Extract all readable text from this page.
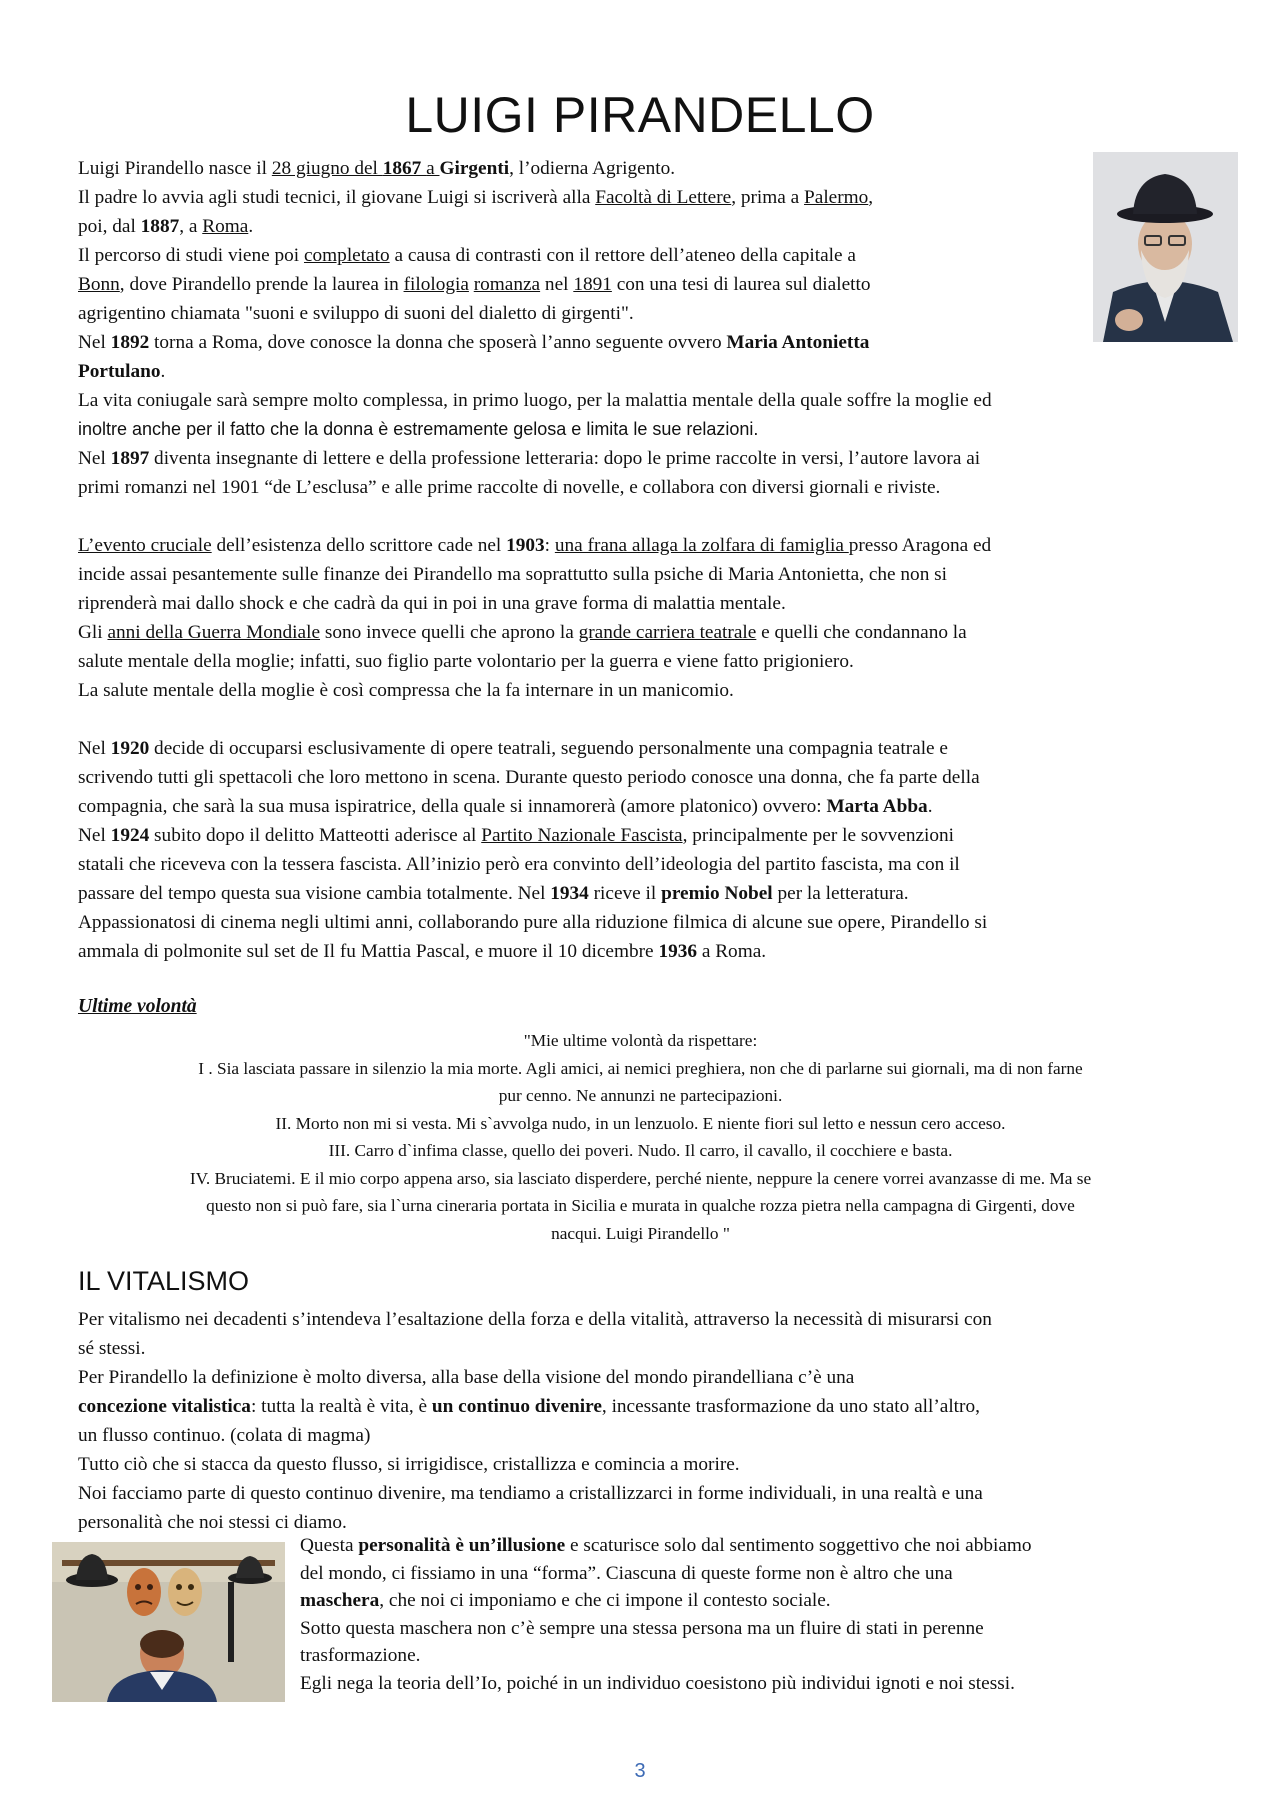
LUIGI PIRANDELLO

Luigi Pirandello nasce il 28 giugno del 1867 a Girgenti, l’odierna Agrigento.

Il padre lo avvia agli studi tecnici, il giovane Luigi si iscriverà alla Facoltà di Lettere, prima a Palermo,

poi, dal 1887, a Roma.

Il percorso di studi viene poi completato a causa di contrasti con il rettore dell’ateneo della capitale a

Bonn, dove Pirandello prende la laurea in filologia romanza nel 1891 con una tesi di laurea sul dialetto

agrigentino chiamata "suoni e sviluppo di suoni del dialetto di girgenti".

Nel 1892 torna a Roma, dove conosce la donna che sposerà l’anno seguente ovvero Maria Antonietta

Portulano.

La vita coniugale sarà sempre molto complessa, in primo luogo, per la malattia mentale della quale soffre la moglie ed

inoltre anche per il fatto che la donna è estremamente gelosa e limita le sue relazioni.

Nel 1897 diventa insegnante di lettere e della professione letteraria: dopo le prime raccolte in versi, l’autore lavora ai

primi romanzi nel 1901 “de L’esclusa” e alle prime raccolte di novelle, e collabora con diversi giornali e riviste.

L’evento cruciale dell’esistenza dello scrittore cade nel 1903: una frana allaga la zolfara di famiglia presso Aragona ed

incide assai pesantemente sulle finanze dei Pirandello ma soprattutto sulla psiche di Maria Antonietta, che non si

riprenderà mai dallo shock e che cadrà da qui in poi in una grave forma di malattia mentale.

Gli anni della Guerra Mondiale sono invece quelli che aprono la grande carriera teatrale e quelli che condannano la

salute mentale della moglie; infatti, suo figlio parte volontario per la guerra e viene fatto prigioniero.

La salute mentale della moglie è così compressa che la fa internare in un manicomio.

Nel 1920 decide di occuparsi esclusivamente di opere teatrali, seguendo personalmente una compagnia teatrale e

scrivendo tutti gli spettacoli che loro mettono in scena. Durante questo periodo conosce una donna, che fa parte della

compagnia, che sarà la sua musa ispiratrice, della quale si innamorerà (amore platonico) ovvero: Marta Abba.

Nel 1924 subito dopo il delitto Matteotti aderisce al Partito Nazionale Fascista, principalmente per le sovvenzioni

statali che riceveva con la tessera fascista. All’inizio però era convinto dell’ideologia del partito fascista, ma con il

passare del tempo questa sua visione cambia totalmente. Nel 1934 riceve il premio Nobel per la letteratura.

Appassionatosi di cinema negli ultimi anni, collaborando pure alla riduzione filmica di alcune sue opere, Pirandello si

ammala di polmonite sul set de Il fu Mattia Pascal, e muore il 10 dicembre 1936 a Roma.

Ultime volontà

"Mie ultime volontà da rispettare:

I . Sia lasciata passare in silenzio la mia morte. Agli amici, ai nemici preghiera, non che di parlarne sui giornali, ma di non farne

pur cenno. Ne annunzi ne partecipazioni.

II. Morto non mi si vesta. Mi s`avvolga nudo, in un lenzuolo. E niente fiori sul letto e nessun cero acceso.

III. Carro d`infima classe, quello dei poveri. Nudo. Il carro, il cavallo, il cocchiere e basta.

IV. Bruciatemi. E il mio corpo appena arso, sia lasciato disperdere, perché niente, neppure la cenere vorrei avanzasse di me. Ma se

questo non si può fare, sia l`urna cineraria portata in Sicilia e murata in qualche rozza pietra nella campagna di Girgenti, dove

nacqui. Luigi Pirandello "

IL VITALISMO

Per vitalismo nei decadenti s’intendeva l’esaltazione della forza e della vitalità, attraverso la necessità di misurarsi con

sé stessi.

Per Pirandello la definizione è molto diversa, alla base della visione del mondo pirandelliana c’è una

concezione vitalistica: tutta la realtà è vita, è un continuo divenire, incessante trasformazione da uno stato all’altro,

un flusso continuo. (colata di magma)

Tutto ciò che si stacca da questo flusso, si irrigidisce, cristallizza e comincia a morire.

Noi facciamo parte di questo continuo divenire, ma tendiamo a cristallizzarci in forme individuali, in una realtà e una

personalità che noi stessi ci diamo.

Questa personalità è un’illusione e scaturisce solo dal sentimento soggettivo che noi abbiamo

del mondo, ci fissiamo in una “forma”. Ciascuna di queste forme non è altro che una

maschera, che noi ci imponiamo e che ci impone il contesto sociale.

Sotto questa maschera non c’è sempre una stessa persona ma un fluire di stati in perenne

trasformazione.

Egli nega la teoria dell’Io, poiché in un individuo coesistono più individui ignoti e noi stessi.

3
